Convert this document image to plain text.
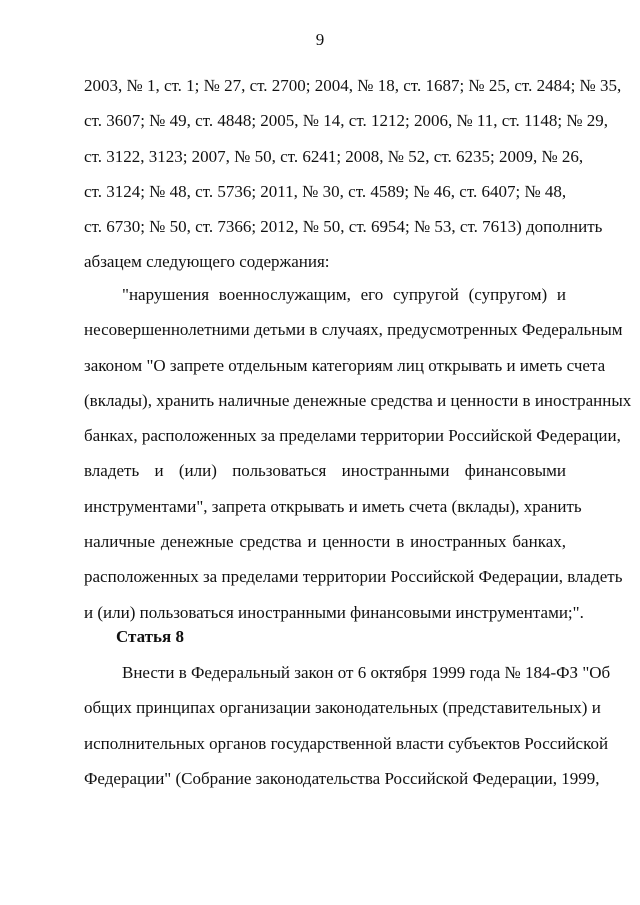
9
2003, № 1, ст. 1; № 27, ст. 2700; 2004, № 18, ст. 1687; № 25, ст. 2484; № 35,
ст. 3607; № 49, ст. 4848; 2005, № 14, ст. 1212; 2006, № 11, ст. 1148; № 29,
ст. 3122, 3123; 2007, № 50, ст. 6241; 2008, № 52, ст. 6235; 2009, № 26,
ст. 3124; № 48, ст. 5736; 2011, № 30, ст. 4589; № 46, ст. 6407; № 48,
ст. 6730; № 50, ст. 7366; 2012, № 50, ст. 6954; № 53, ст. 7613) дополнить
абзацем следующего содержания:
"нарушения военнослужащим, его супругой (супругом) и
несовершеннолетними детьми в случаях, предусмотренных Федеральным
законом "О запрете отдельным категориям лиц открывать и иметь счета
(вклады), хранить наличные денежные средства и ценности в иностранных
банках, расположенных за пределами территории Российской Федерации,
владеть и (или) пользоваться иностранными финансовыми
инструментами", запрета открывать и иметь счета (вклады), хранить
наличные денежные средства и ценности в иностранных банках,
расположенных за пределами территории Российской Федерации, владеть
и (или) пользоваться иностранными финансовыми инструментами;".
Статья 8
Внести в Федеральный закон от 6 октября 1999 года № 184-ФЗ "Об
общих принципах организации законодательных (представительных) и
исполнительных органов государственной власти субъектов Российской
Федерации" (Собрание законодательства Российской Федерации, 1999,
